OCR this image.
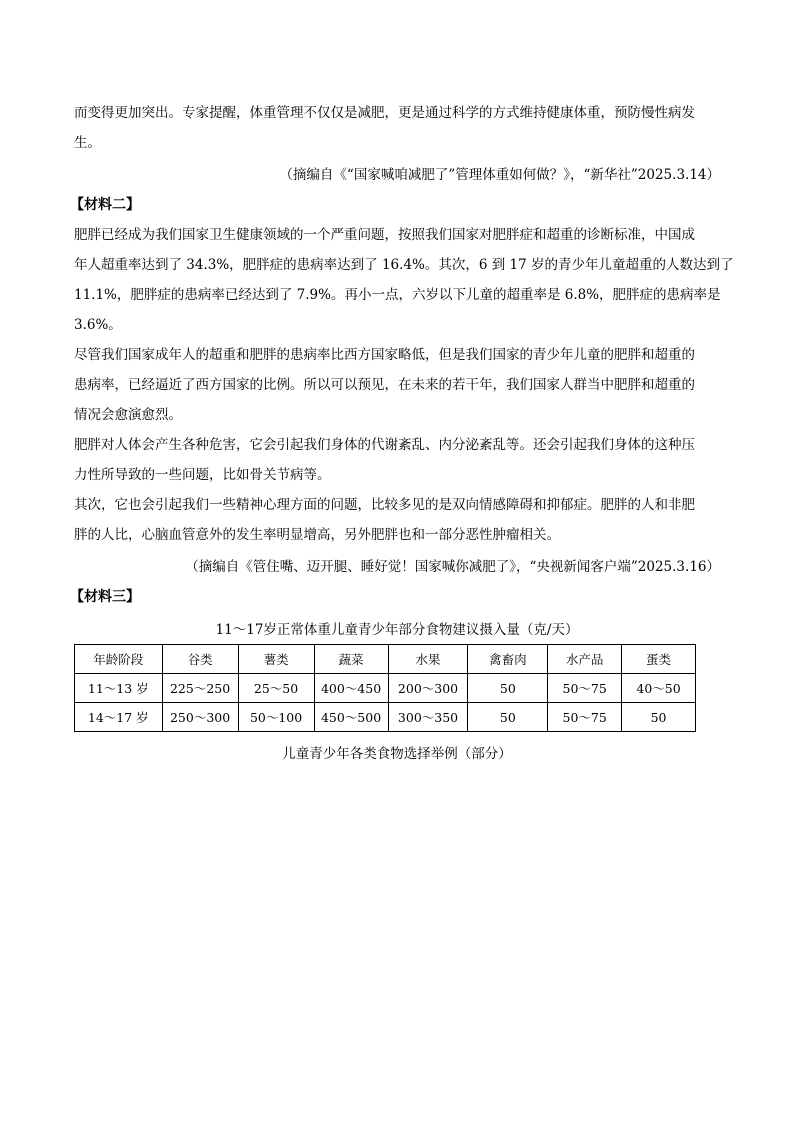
而变得更加突出。专家提醒，体重管理不仅仅是减肥，更是通过科学的方式维持健康体重，预防慢性病发
生。
（摘编自《“国家喊咱减肥了”管理体重如何做？》，“新华社”2025.3.14）
【材料二】
肥胖已经成为我们国家卫生健康领域的一个严重问题，按照我们国家对肥胖症和超重的诊断标准，中国成
年人超重率达到了 34.3%，肥胖症的患病率达到了 16.4%。其次，6 到 17 岁的青少年儿童超重的人数达到了
11.1%，肥胖症的患病率已经达到了 7.9%。再小一点，六岁以下儿童的超重率是 6.8%，肥胖症的患病率是
3.6%。
尽管我们国家成年人的超重和肥胖的患病率比西方国家略低，但是我们国家的青少年儿童的肥胖和超重的
患病率，已经逼近了西方国家的比例。所以可以预见，在未来的若干年，我们国家人群当中肥胖和超重的
情况会愈演愈烈。
肥胖对人体会产生各种危害，它会引起我们身体的代谢紊乱、内分泌紊乱等。还会引起我们身体的这种压
力性所导致的一些问题，比如骨关节病等。
其次，它也会引起我们一些精神心理方面的问题，比较多见的是双向情感障碍和抑郁症。肥胖的人和非肥
胖的人比，心脑血管意外的发生率明显增高，另外肥胖也和一部分恶性肿瘤相关。
（摘编自《管住嘴、迈开腿、睡好觉！国家喊你减肥了》，“央视新闻客户端”2025.3.16）
【材料三】
11～17岁正常体重儿童青少年部分食物建议摄入量（克/天）
年龄阶段	谷类	薯类	蔬菜	水果	禽畜肉	水产品	蛋类
11～13 岁	225～250	25～50	400～450	200～300	50	50～75	40～50
14～17 岁	250～300	50～100	450～500	300～350	50	50～75	50
儿童青少年各类食物选择举例（部分）
